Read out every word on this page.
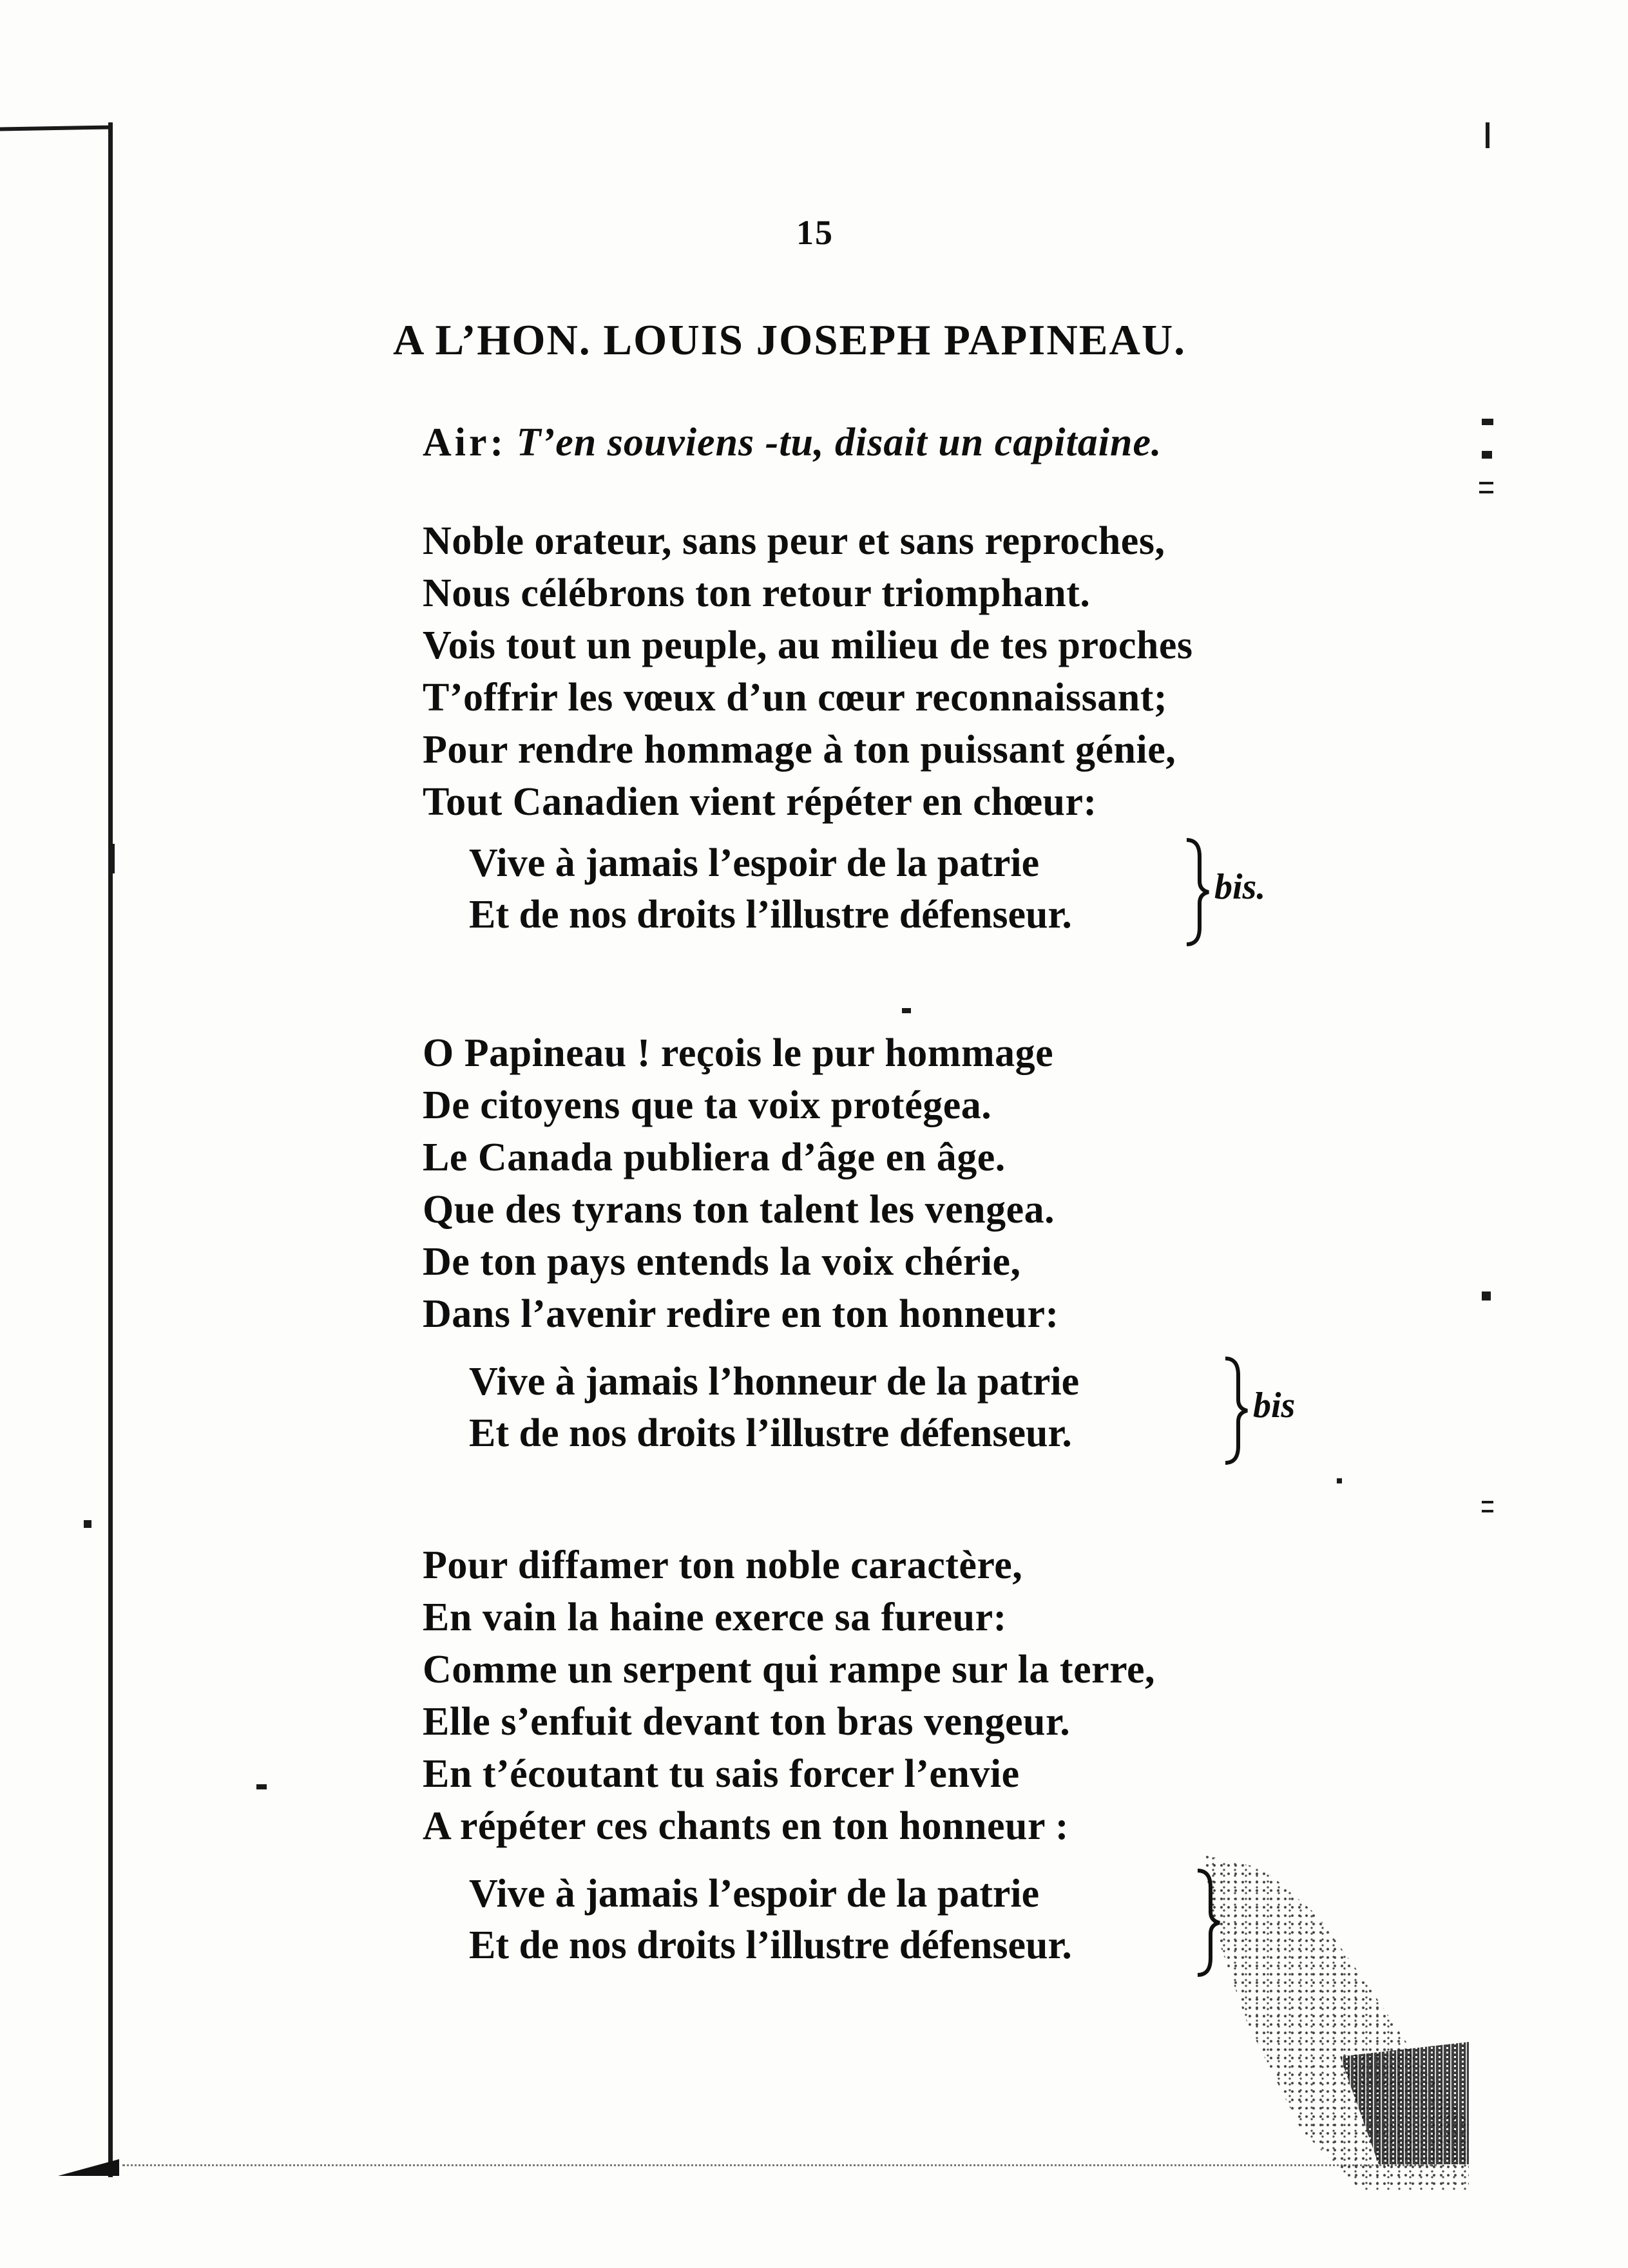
15
A L’HON. LOUIS JOSEPH PAPINEAU.
Air: T’en souviens -tu, disait un capitaine.
Noble orateur, sans peur et sans reproches,
Nous célébrons ton retour triomphant.
Vois tout un peuple, au milieu de tes proches
T’offrir les vœux d’un cœur reconnaissant;
Pour rendre hommage à ton puissant génie,
Tout Canadien vient répéter en chœur:
Vive à jamais l’espoir de la patrie
Et de nos droits l’illustre défenseur.
bis.
O Papineau ! reçois le pur hommage
De citoyens que ta voix protégea.
Le Canada publiera d’âge en âge.
Que des tyrans ton talent les vengea.
De ton pays entends la voix chérie,
Dans l’avenir redire en ton honneur:
Vive à jamais l’honneur de la patrie
Et de nos droits l’illustre défenseur.
bis
Pour diffamer ton noble caractère,
En vain la haine exerce sa fureur:
Comme un serpent qui rampe sur la terre,
Elle s’enfuit devant ton bras vengeur.
En t’écoutant tu sais forcer l’envie
A répéter ces chants en ton honneur :
Vive à jamais l’espoir de la patrie
Et de nos droits l’illustre défenseur.
